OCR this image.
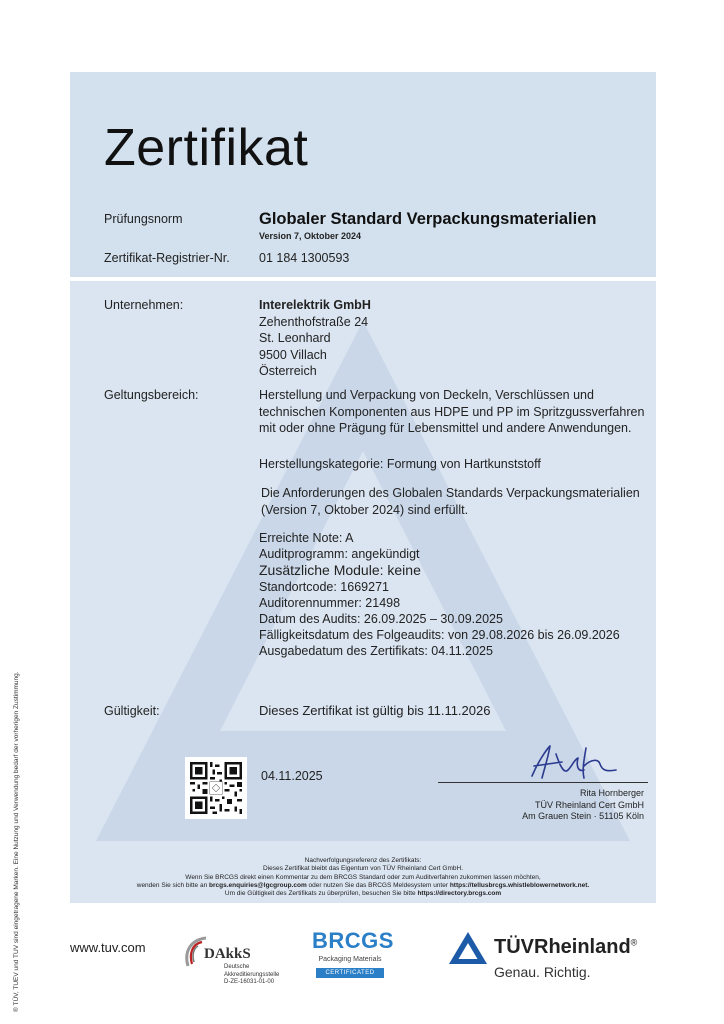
Zertifikat
Prüfungsnorm	Globaler Standard Verpackungsmaterialien
Version 7, Oktober 2024
Zertifikat-Registrier-Nr. 01 184 1300593
Unternehmen:	Interelektrik GmbH
Zehenthofstraße 24
St. Leonhard
9500 Villach
Österreich
Geltungsbereich:	Herstellung und Verpackung von Deckeln, Verschlüssen und
technischen Komponenten aus HDPE und PP im Spritzgussverfahren
mit oder ohne Prägung für Lebensmittel und andere Anwendungen.
Herstellungskategorie: Formung von Hartkunststoff
Die Anforderungen des Globalen Standards Verpackungsmaterialien
(Version 7, Oktober 2024) sind erfüllt.
Erreichte Note: A
Auditprogramm: angekündigt
Zusätzliche Module: keine
Standortcode: 1669271
Auditorennummer: 21498
Datum des Audits: 26.09.2025 – 30.09.2025
Fälligkeitsdatum des Folgeaudits: von 29.08.2026 bis 26.09.2026
Ausgabedatum des Zertifikats: 04.11.2025
Gültigkeit:	Dieses Zertifikat ist gültig bis 11.11.2026
04.11.2025
Rita Hornberger
TÜV Rheinland Cert GmbH
Am Grauen Stein · 51105 Köln
Nachverfolgungsreferenz des Zertifikats:
Dieses Zertifikat bleibt das Eigentum von TÜV Rheinland Cert GmbH.
Wenn Sie BRCGS direkt einen Kommentar zu dem BRCGS Standard oder zum Auditverfahren zukommen lassen möchten,
wenden Sie sich bitte an brcgs.enquiries@lgcgroup.com oder nutzen Sie das BRCGS Meldesystem unter https://tellusbrcgs.whistleblowernetwork.net.
Um die Gültigkeit des Zertifikats zu überprüfen, besuchen Sie bitte https://directory.brcgs.com
® TÜV, TUEV und TUV sind eingetragene Marken. Eine Nutzung und Verwendung bedarf der vorherigen Zustimmung.	www.tuv.com	DAkkS
Deutsche
Akkreditierungsstelle
D-ZE-16031-01-00
BRCGS
Packaging Materials
CERTIFICATED
TÜVRheinland®
Genau. Richtig.
